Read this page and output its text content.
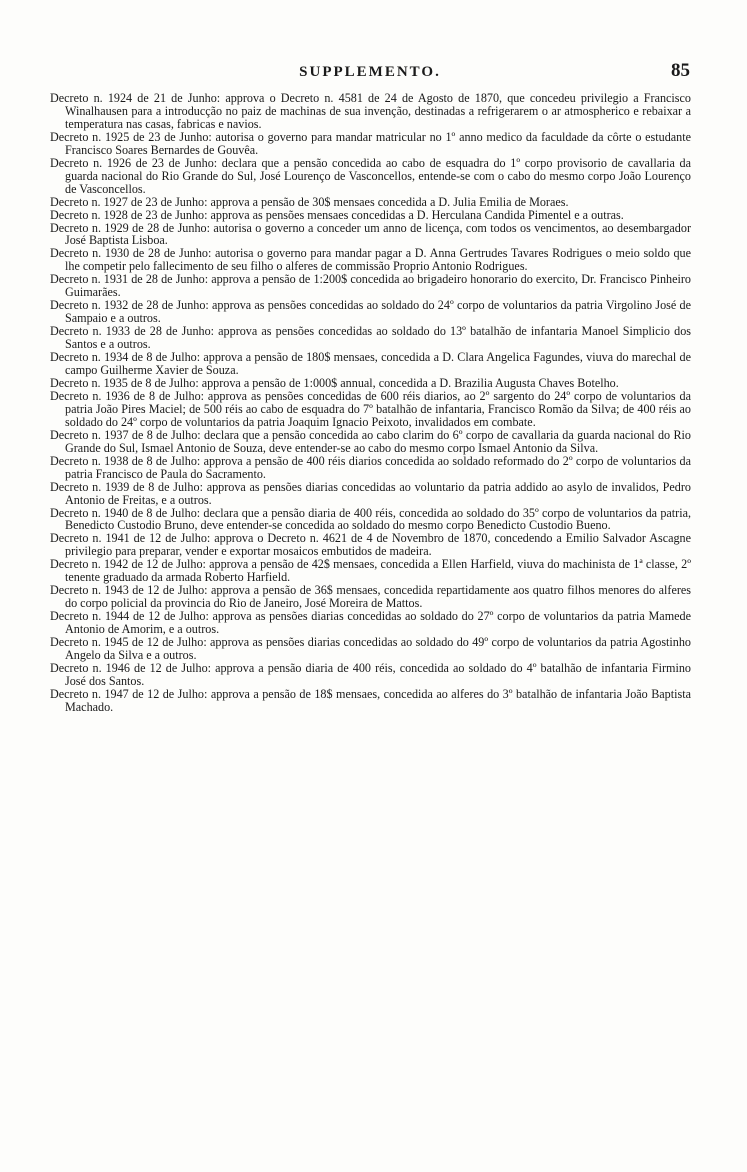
SUPPLEMENTO.	85

Decreto n. 1924 de 21 de Junho: approva o Decreto n. 4581 de 24 de Agosto de 1870, que concedeu privilegio a Francisco Winalhausen para a introducção no paiz de machinas de sua invenção, destinadas a refrigerarem o ar atmospherico e rebaixar a temperatura nas casas, fabricas e navios.

Decreto n. 1925 de 23 de Junho: autorisa o governo para mandar matricular no 1º anno medico da faculdade da côrte o estudante Francisco Soares Bernardes de Gouvêa.

Decreto n. 1926 de 23 de Junho: declara que a pensão concedida ao cabo de esquadra do 1º corpo provisorio de cavallaria da guarda nacional do Rio Grande do Sul, José Lourenço de Vasconcellos, entende-se com o cabo do mesmo corpo João Lourenço de Vasconcellos.

Decreto n. 1927 de 23 de Junho: approva a pensão de 30$ mensaes concedida a D. Julia Emilia de Moraes.

Decreto n. 1928 de 23 de Junho: approva as pensões mensaes concedidas a D. Herculana Candida Pimentel e a outras.

Decreto n. 1929 de 28 de Junho: autorisa o governo a conceder um anno de licença, com todos os vencimentos, ao desembargador José Baptista Lisboa.

Decreto n. 1930 de 28 de Junho: autorisa o governo para mandar pagar a D. Anna Gertrudes Tavares Rodrigues o meio soldo que lhe competir pelo fallecimento de seu filho o alferes de commissão Proprio Antonio Rodrigues.

Decreto n. 1931 de 28 de Junho: approva a pensão de 1:200$ concedida ao brigadeiro honorario do exercito, Dr. Francisco Pinheiro Guimarães.

Decreto n. 1932 de 28 de Junho: approva as pensões concedidas ao soldado do 24º corpo de voluntarios da patria Virgolino José de Sampaio e a outros.

Decreto n. 1933 de 28 de Junho: approva as pensões concedidas ao soldado do 13º batalhão de infantaria Manoel Simplicio dos Santos e a outros.

Decreto n. 1934 de 8 de Julho: approva a pensão de 180$ mensaes, concedida a D. Clara Angelica Fagundes, viuva do marechal de campo Guilherme Xavier de Souza.

Decreto n. 1935 de 8 de Julho: approva a pensão de 1:000$ annual, concedida a D. Brazilia Augusta Chaves Botelho.

Decreto n. 1936 de 8 de Julho: approva as pensões concedidas de 600 réis diarios, ao 2º sargento do 24º corpo de voluntarios da patria João Pires Maciel; de 500 réis ao cabo de esquadra do 7º batalhão de infantaria, Francisco Romão da Silva; de 400 réis ao soldado do 24º corpo de voluntarios da patria Joaquim Ignacio Peixoto, invalidados em combate.

Decreto n. 1937 de 8 de Julho: declara que a pensão concedida ao cabo clarim do 6º corpo de cavallaria da guarda nacional do Rio Grande do Sul, Ismael Antonio de Souza, deve entender-se ao cabo do mesmo corpo Ismael Antonio da Silva.

Decreto n. 1938 de 8 de Julho: approva a pensão de 400 réis diarios concedida ao soldado reformado do 2º corpo de voluntarios da patria Francisco de Paula do Sacramento.

Decreto n. 1939 de 8 de Julho: approva as pensões diarias concedidas ao voluntario da patria addido ao asylo de invalidos, Pedro Antonio de Freitas, e a outros.

Decreto n. 1940 de 8 de Julho: declara que a pensão diaria de 400 réis, concedida ao soldado do 35º corpo de voluntarios da patria, Benedicto Custodio Bruno, deve entender-se concedida ao soldado do mesmo corpo Benedicto Custodio Bueno.

Decreto n. 1941 de 12 de Julho: approva o Decreto n. 4621 de 4 de Novembro de 1870, concedendo a Emilio Salvador Ascagne privilegio para preparar, vender e exportar mosaicos embutidos de madeira.

Decreto n. 1942 de 12 de Julho: approva a pensão de 42$ mensaes, concedida a Ellen Harfield, viuva do machinista de 1ª classe, 2º tenente graduado da armada Roberto Harfield.

Decreto n. 1943 de 12 de Julho: approva a pensão de 36$ mensaes, concedida repartidamente aos quatro filhos menores do alferes do corpo policial da provincia do Rio de Janeiro, José Moreira de Mattos.

Decreto n. 1944 de 12 de Julho: approva as pensões diarias concedidas ao soldado do 27º corpo de voluntarios da patria Mamede Antonio de Amorim, e a outros.

Decreto n. 1945 de 12 de Julho: approva as pensões diarias concedidas ao soldado do 49º corpo de voluntarios da patria Agostinho Angelo da Silva e a outros.

Decreto n. 1946 de 12 de Julho: approva a pensão diaria de 400 réis, concedida ao soldado do 4º batalhão de infantaria Firmino José dos Santos.

Decreto n. 1947 de 12 de Julho: approva a pensão de 18$ mensaes, concedida ao alferes do 3º batalhão de infantaria João Baptista Machado.
